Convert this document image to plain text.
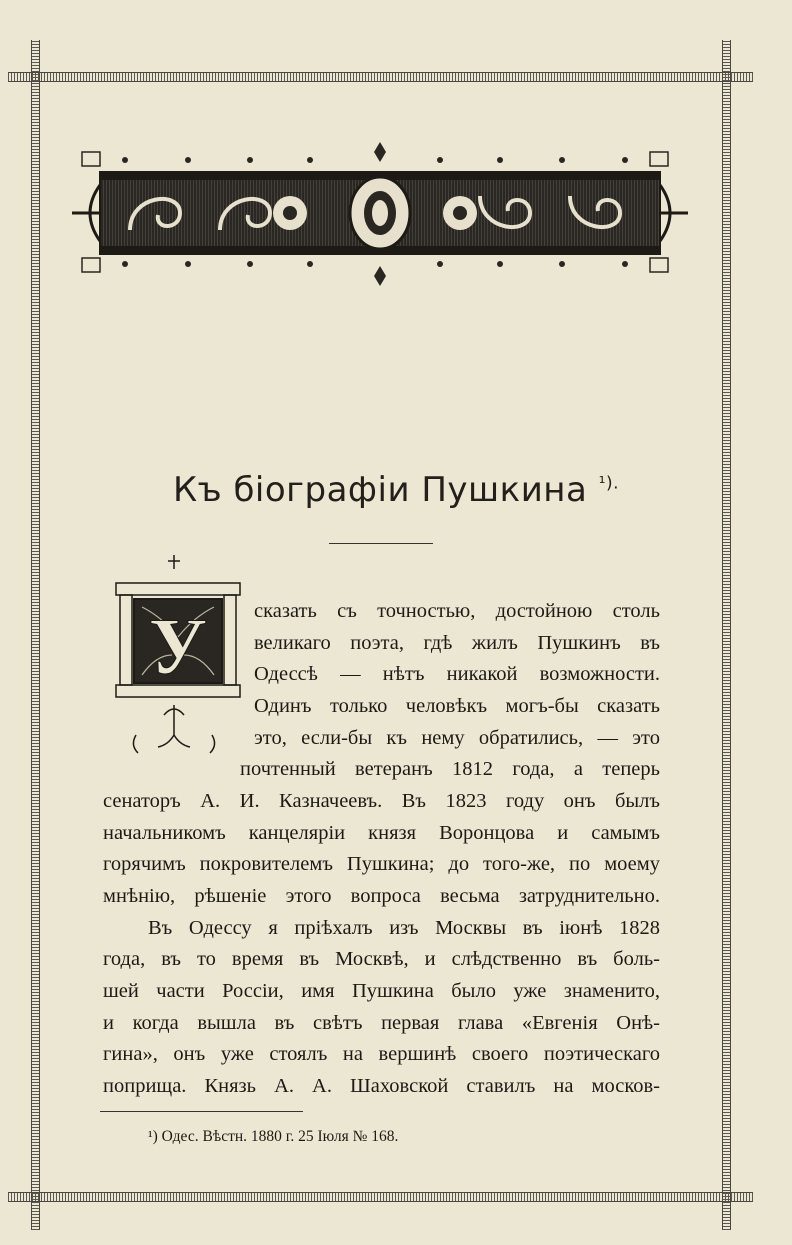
Къ біографіи Пушкина $^{^1).}$
У сказать съ точностью, достойною столь
великаго поэта, гдѣ жилъ Пушкинъ въ
Одессѣ — нѣтъ никакой возможности.
Одинъ только человѣкъ могъ-бы сказать
это, если-бы къ нему обратились, — это
почтенный ветеранъ 1812 года, а теперь
сенаторъ А. И. Казначеевъ. Въ 1823 году онъ былъ
начальникомъ канцеляріи князя Воронцова и самымъ
горячимъ покровителемъ Пушкина; до того-же, по моему
мнѣнію, рѣшеніе этого вопроса весьма затруднительно.
Въ Одессу я пріѣхалъ изъ Москвы въ іюнѣ 1828
года, въ то время въ Москвѣ, и слѣдственно въ боль-
шей части Россіи, имя Пушкина было уже знаменито,
и когда вышла въ свѣтъ первая глава «Евгенія Онѣ-
гина», онъ уже стоялъ на вершинѣ своего поэтическаго
¹) Одес. Вѣстн. 1880 г. 25 Іюля № 168.
поприща. Князь А. А. Шаховской ставилъ на москов-
